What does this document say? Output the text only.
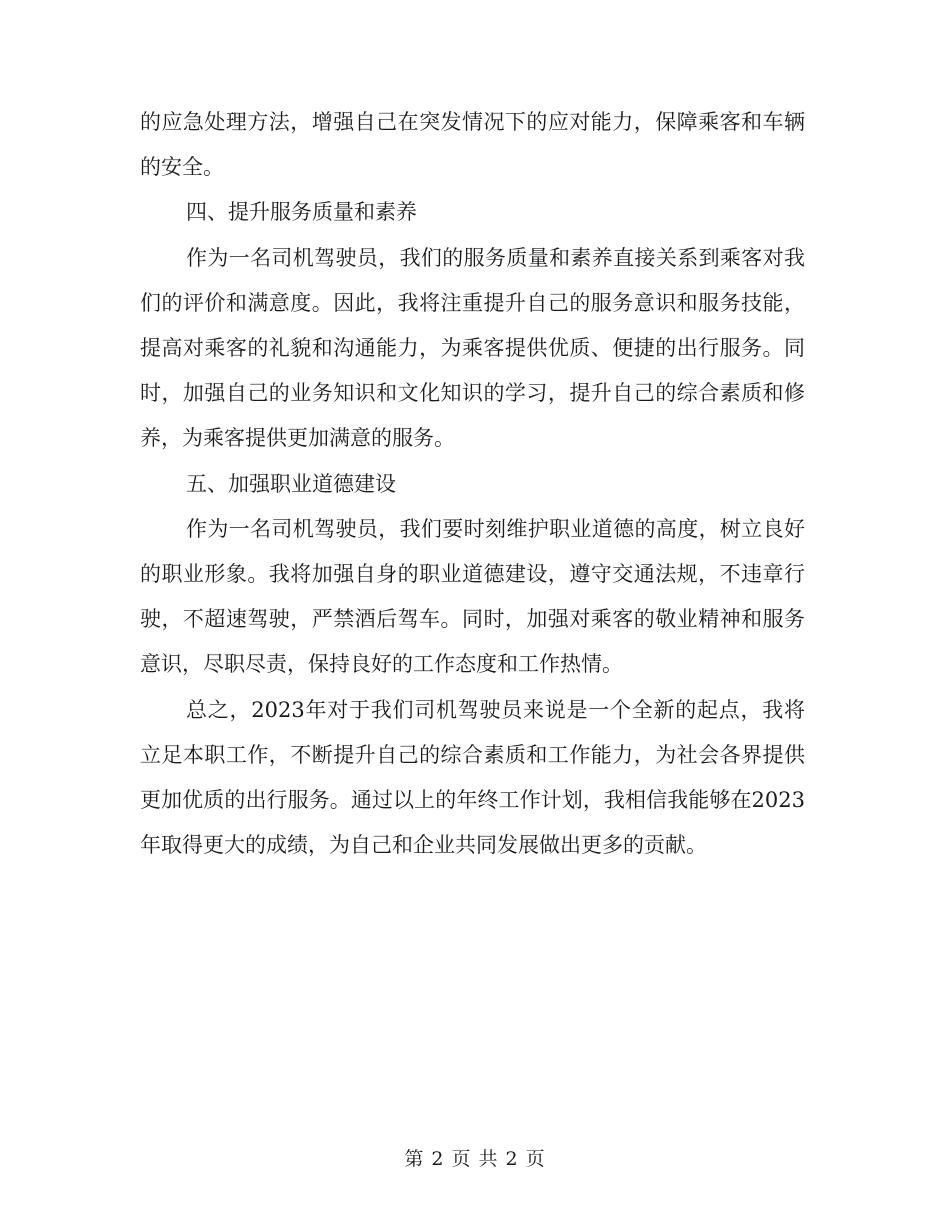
的应急处理方法，增强自己在突发情况下的应对能力，保障乘客和车辆的安全。

四、提升服务质量和素养

作为一名司机驾驶员，我们的服务质量和素养直接关系到乘客对我们的评价和满意度。因此，我将注重提升自己的服务意识和服务技能，提高对乘客的礼貌和沟通能力，为乘客提供优质、便捷的出行服务。同时，加强自己的业务知识和文化知识的学习，提升自己的综合素质和修养，为乘客提供更加满意的服务。

五、加强职业道德建设

作为一名司机驾驶员，我们要时刻维护职业道德的高度，树立良好的职业形象。我将加强自身的职业道德建设，遵守交通法规，不违章行驶，不超速驾驶，严禁酒后驾车。同时，加强对乘客的敬业精神和服务意识，尽职尽责，保持良好的工作态度和工作热情。

总之，2023年对于我们司机驾驶员来说是一个全新的起点，我将立足本职工作，不断提升自己的综合素质和工作能力，为社会各界提供更加优质的出行服务。通过以上的年终工作计划，我相信我能够在2023年取得更大的成绩，为自己和企业共同发展做出更多的贡献。

第 2 页 共 2 页
